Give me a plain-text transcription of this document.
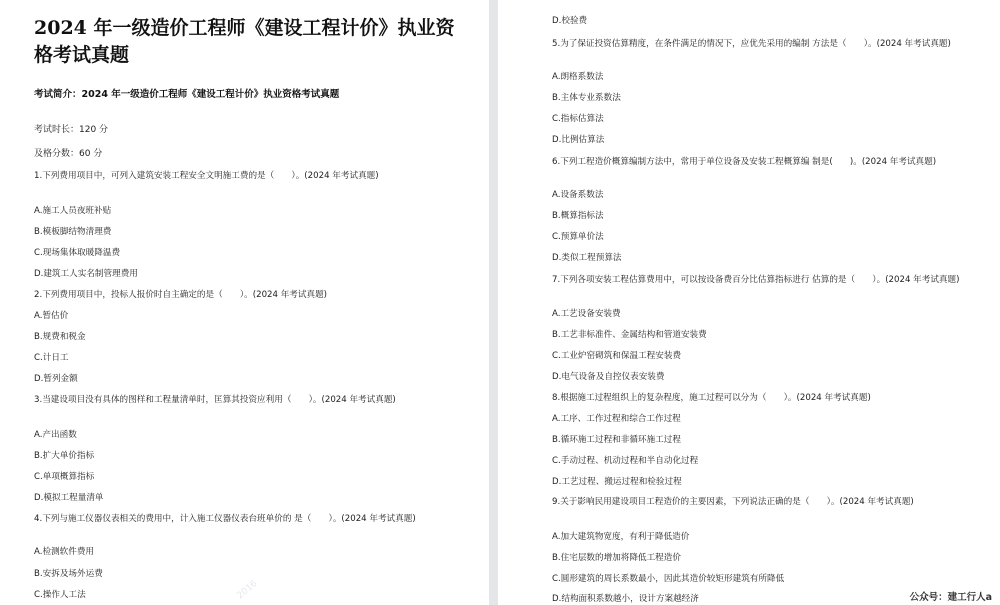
2024 年一级造价工程师《建设工程计价》执业资格考试真题
考试简介：2024 年一级造价工程师《建设工程计价》执业资格考试真题
考试时长：120 分
及格分数：60 分
1.下列费用项目中，可列入建筑安装工程安全文明施工费的是（　　）。(2024 年考试真题)
A.施工人员夜班补贴
B.模板脚结物清理费
C.现场集体取暖降温费
D.建筑工人实名制管理费用
2.下列费用项目中，投标人报价时自主确定的是（　　）。(2024 年考试真题)
A.暂估价
B.规费和税金
C.计日工
D.暂列金额
3.当建设项目没有具体的图样和工程量清单时，匡算其投资应利用（　　）。(2024 年考试真题)
A.产出函数
B.扩大单价指标
C.单项概算指标
D.模拟工程量清单
4.下列与施工仪器仪表相关的费用中，计入施工仪器仪表台班单价的 是（　　）。(2024 年考试真题)
A.检测软件费用
B.安拆及场外运费
C.操作人工法	2016
D.校验费
5.为了保证投资估算精度，在条件满足的情况下，应优先采用的编制 方法是（　　）。(2024 年考试真题)
A.朗格系数法
B.主体专业系数法
C.指标估算法
D.比例估算法
6.下列工程造价概算编制方法中，常用于单位设备及安装工程概算编 制是(　　)。(2024 年考试真题)
A.设备系数法
B.概算指标法
C.预算单价法
D.类似工程预算法
7.下列各项安装工程估算费用中，可以按设备费百分比估算指标进行 估算的是（　　）。(2024 年考试真题)
A.工艺设备安装费
B.工艺非标准件、金属结构和管道安装费
C.工业炉窑砌筑和保温工程安装费
D.电气设备及自控仪表安装费
8.根据施工过程组织上的复杂程度，施工过程可以分为（　　）。(2024 年考试真题)
A.工序、工作过程和综合工作过程
B.循环施工过程和非循环施工过程
C.手动过程、机动过程和半自动化过程
D.工艺过程、搬运过程和检验过程
9.关于影响民用建设项目工程造价的主要因素，下列说法正确的是（　　）。(2024 年考试真题)
A.加大建筑物宽度，有利于降低造价
B.住宅层数的增加将降低工程造价
C.圆形建筑的周长系数最小，因此其造价较矩形建筑有所降低
D.结构面积系数越小，设计方案越经济	公众号：建工行人a
